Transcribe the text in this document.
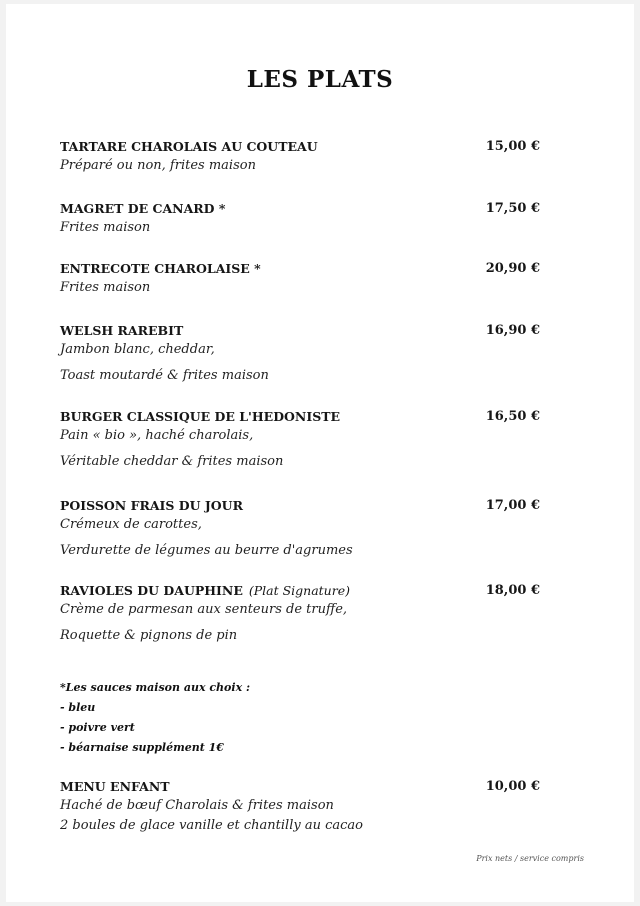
LES PLATS
TARTARE CHAROLAIS AU COUTEAU	15,00 €
Préparé ou non, frites maison
MAGRET DE CANARD *	17,50 €
Frites maison
ENTRECOTE CHAROLAISE *	20,90 €
Frites maison
WELSH RAREBIT	16,90 €
Jambon blanc, cheddar,
Toast moutardé & frites maison
BURGER CLASSIQUE DE L'HEDONISTE	16,50 €
Pain « bio », haché charolais,
Véritable cheddar & frites maison
POISSON FRAIS DU JOUR	17,00 €
Crémeux de carottes,
Verdurette de légumes au beurre d'agrumes
RAVIOLES DU DAUPHINE (Plat Signature)	18,00 €
Crème de parmesan aux senteurs de truffe,
Roquette & pignons de pin
*Les sauces maison aux choix :
- bleu
- poivre vert
- béarnaise supplément 1€
MENU ENFANT	10,00 €
Haché de bœuf Charolais & frites maison
2 boules de glace vanille et chantilly au cacao
Prix nets / service compris
